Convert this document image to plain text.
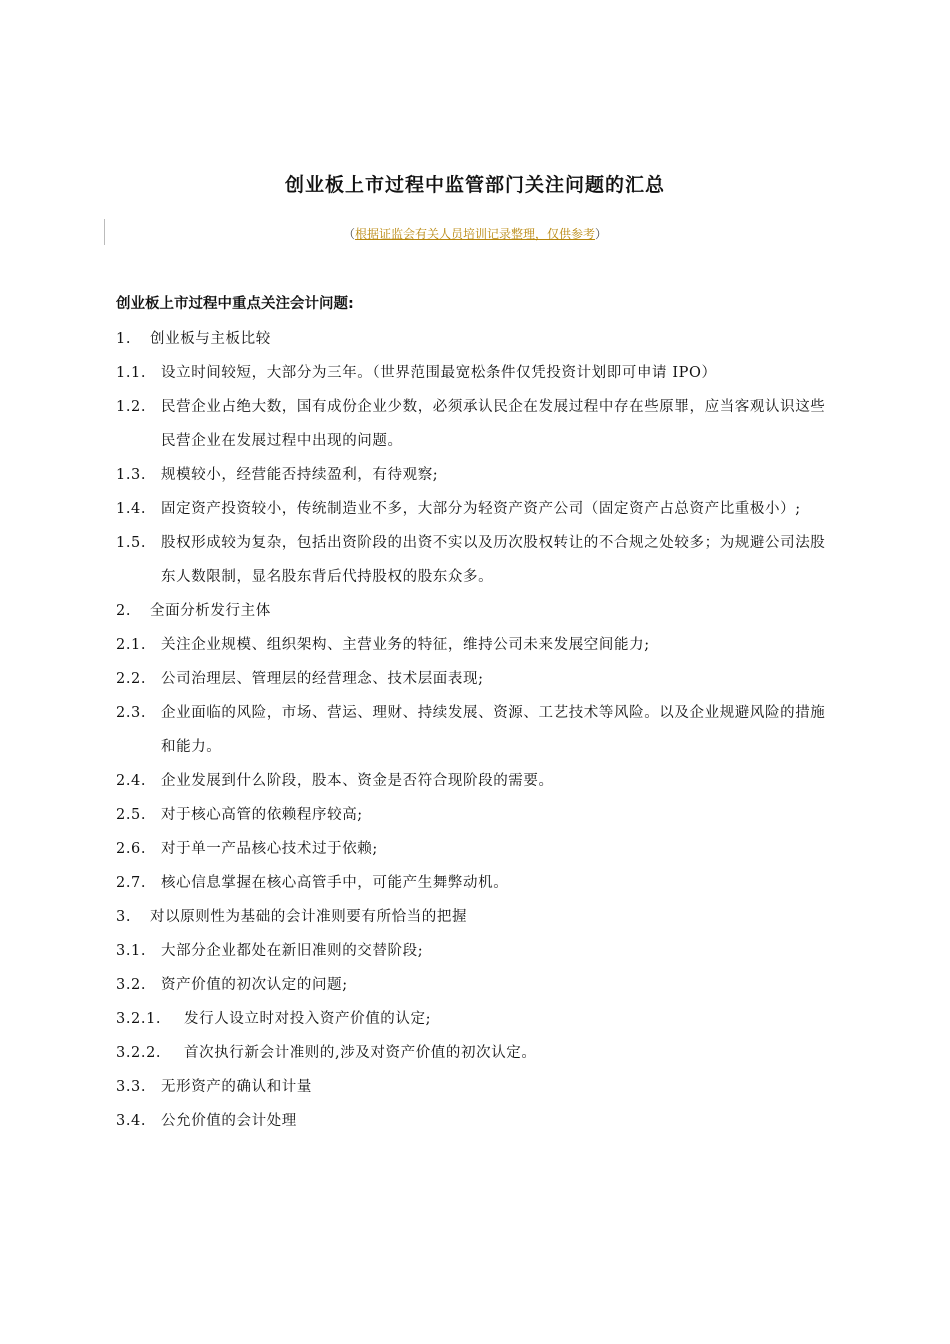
创业板上市过程中监管部门关注问题的汇总
（根据证监会有关人员培训记录整理，仅供参考）
创业板上市过程中重点关注会计问题:
1.	创业板与主板比较
1.1.	设立时间较短，大部分为三年。（世界范围最宽松条件仅凭投资计划即可申请 IPO）
1.2.	民营企业占绝大数，国有成份企业少数，必须承认民企在发展过程中存在些原罪，应当客观认识这些民营企业在发展过程中出现的问题。
1.3.	规模较小，经营能否持续盈利，有待观察;
1.4.	固定资产投资较小，传统制造业不多，大部分为轻资产资产公司（固定资产占总资产比重极小）;
1.5.	股权形成较为复杂，包括出资阶段的出资不实以及历次股权转让的不合规之处较多；为规避公司法股东人数限制，显名股东背后代持股权的股东众多。
2.	全面分析发行主体
2.1.	关注企业规模、组织架构、主营业务的特征，维持公司未来发展空间能力;
2.2.	公司治理层、管理层的经营理念、技术层面表现;
2.3.	企业面临的风险，市场、营运、理财、持续发展、资源、工艺技术等风险。以及企业规避风险的措施和能力。
2.4.	企业发展到什么阶段，股本、资金是否符合现阶段的需要。
2.5.	对于核心高管的依赖程序较高;
2.6.	对于单一产品核心技术过于依赖;
2.7.	核心信息掌握在核心高管手中，可能产生舞弊动机。
3.	对以原则性为基础的会计准则要有所恰当的把握
3.1.	大部分企业都处在新旧准则的交替阶段;
3.2.	资产价值的初次认定的问题;
3.2.1.	发行人设立时对投入资产价值的认定;
3.2.2.	首次执行新会计准则的,涉及对资产价值的初次认定。
3.3.	无形资产的确认和计量
3.4.	公允价值的会计处理
